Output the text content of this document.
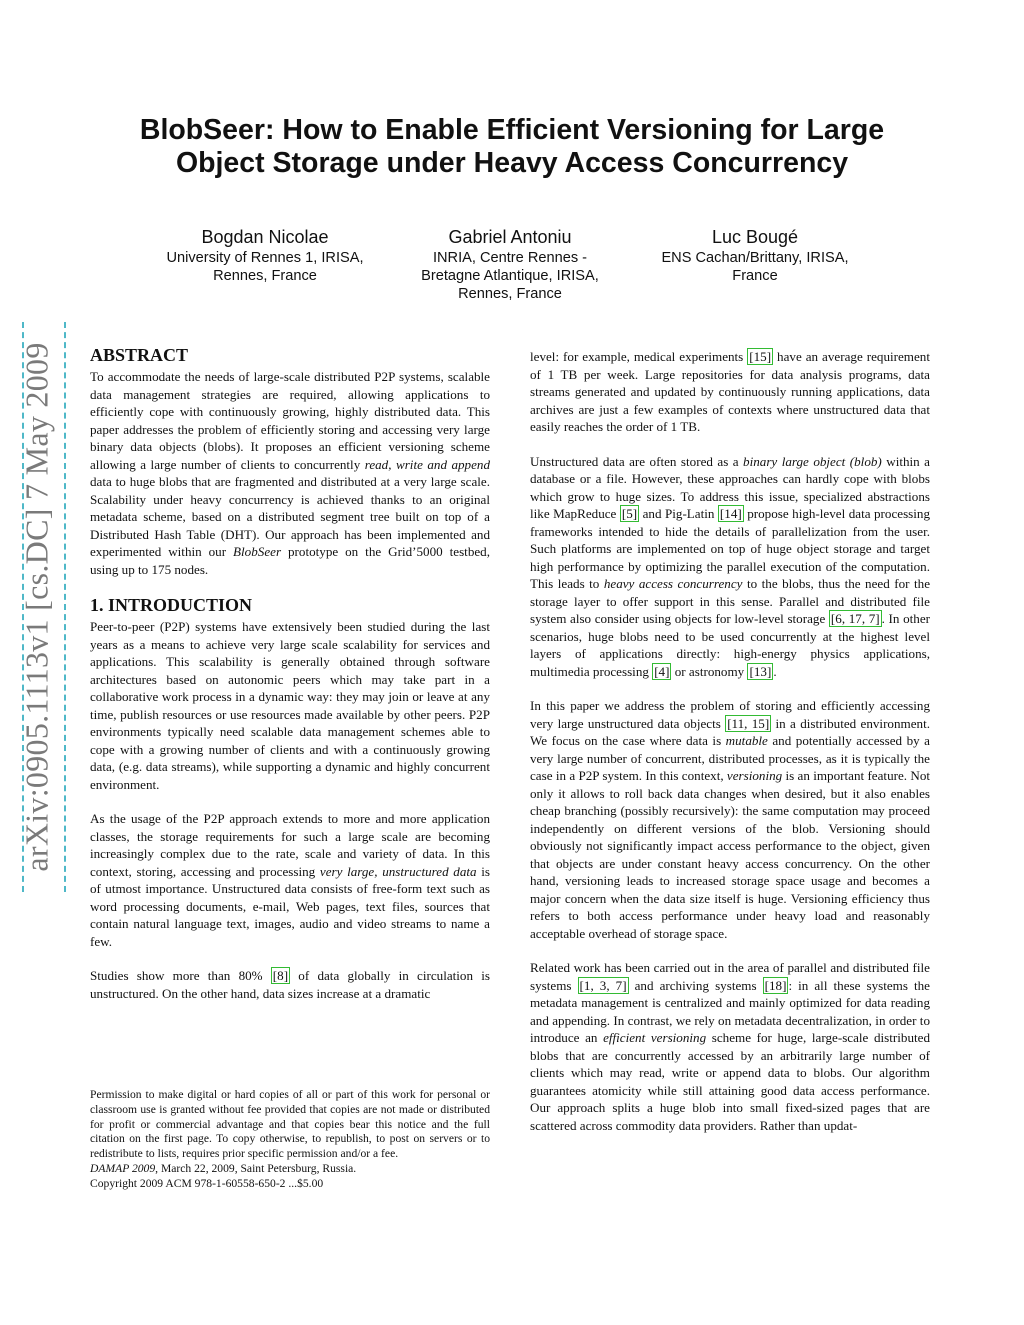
BlobSeer: How to Enable Efficient Versioning for Large
Object Storage under Heavy Access Concurrency
Bogdan Nicolae
University of Rennes 1, IRISA,
Rennes, France
Gabriel Antoniu
INRIA, Centre Rennes -
Bretagne Atlantique, IRISA,
Rennes, France
Luc Bougé
ENS Cachan/Brittany, IRISA,
France
arXiv:0905.1113v1 [cs.DC] 7 May 2009 ABSTRACT

To accommodate the needs of large-scale distributed P2P systems, scalable data management strategies are required, allowing applications to efficiently cope with continuously growing, highly distributed data. This paper addresses the problem of efficiently storing and accessing very large binary data objects (blobs). It proposes an efficient versioning scheme allowing a large number of clients to concurrently read, write and append data to huge blobs that are fragmented and distributed at a very large scale. Scalability under heavy concurrency is achieved thanks to an original metadata scheme, based on a distributed segment tree built on top of a Distributed Hash Table (DHT). Our approach has been implemented and experimented within our BlobSeer prototype on the Grid’5000 testbed, using up to 175 nodes.

1. INTRODUCTION

Peer-to-peer (P2P) systems have extensively been studied during the last years as a means to achieve very large scale scalability for services and applications. This scalability is generally obtained through software architectures based on autonomic peers which may take part in a collaborative work process in a dynamic way: they may join or leave at any time, publish resources or use resources made available by other peers. P2P environments typically need scalable data management schemes able to cope with a growing number of clients and with a continuously growing data, (e.g. data streams), while supporting a dynamic and highly concurrent environment.

As the usage of the P2P approach extends to more and more application classes, the storage requirements for such a large scale are becoming increasingly complex due to the rate, scale and variety of data. In this context, storing, accessing and processing very large, unstructured data is of utmost importance. Unstructured data consists of free-form text such as word processing documents, e-mail, Web pages, text files, sources that contain natural language text, images, audio and video streams to name a few.

Studies show more than 80% [8] of data globally in circulation is unstructured. On the other hand, data sizes increase at a dramatic

level: for example, medical experiments [15] have an average requirement of 1 TB per week. Large repositories for data analysis programs, data streams generated and updated by continuously running applications, data archives are just a few examples of contexts where unstructured data that easily reaches the order of 1 TB.

Unstructured data are often stored as a binary large object (blob) within a database or a file. However, these approaches can hardly cope with blobs which grow to huge sizes. To address this issue, specialized abstractions like MapReduce [5] and Pig-Latin [14] propose high-level data processing frameworks intended to hide the details of parallelization from the user. Such platforms are implemented on top of huge object storage and target high performance by optimizing the parallel execution of the computation. This leads to heavy access concurrency to the blobs, thus the need for the storage layer to offer support in this sense. Parallel and distributed file system also consider using objects for low-level storage [6, 17, 7] . In other scenarios, huge blobs need to be used concurrently at the highest level layers of applications directly: high-energy physics applications, multimedia processing [4] or astronomy [13] .

In this paper we address the problem of storing and efficiently accessing very large unstructured data objects [11, 15] in a distributed environment. We focus on the case where data is mutable and potentially accessed by a very large number of concurrent, distributed processes, as it is typically the case in a P2P system. In this context, versioning is an important feature. Not only it allows to roll back data changes when desired, but it also enables cheap branching (possibly recursively): the same computation may proceed independently on different versions of the blob. Versioning should obviously not significantly impact access performance to the object, given that objects are under constant heavy access concurrency. On the other hand, versioning leads to increased storage space usage and becomes a major concern when the data size itself is huge. Versioning efficiency thus refers to both access performance under heavy load and reasonably acceptable overhead of storage space.

Related work has been carried out in the area of parallel and distributed file systems [1, 3, 7] and archiving systems [18] : in all these systems the metadata management is centralized and mainly optimized for data reading and appending. In contrast, we rely on metadata decentralization, in order to introduce an efficient versioning scheme for huge, large-scale distributed blobs that are concurrently accessed by an arbitrarily large number of clients which may read, write or append data to blobs. Our algorithm guarantees atomicity while still attaining good data access performance. Our approach splits a huge blob into small fixed-sized pages that are scattered across commodity data providers. Rather than updat-

Permission to make digital or hard copies of all or part of this work for personal or classroom use is granted without fee provided that copies are not made or distributed for profit or commercial advantage and that copies bear this notice and the full citation on the first page. To copy otherwise, to republish, to post on servers or to redistribute to lists, requires prior specific permission and/or a fee.

DAMAP 2009, March 22, 2009, Saint Petersburg, Russia.

Copyright 2009 ACM 978-1-60558-650-2 ...$5.00
